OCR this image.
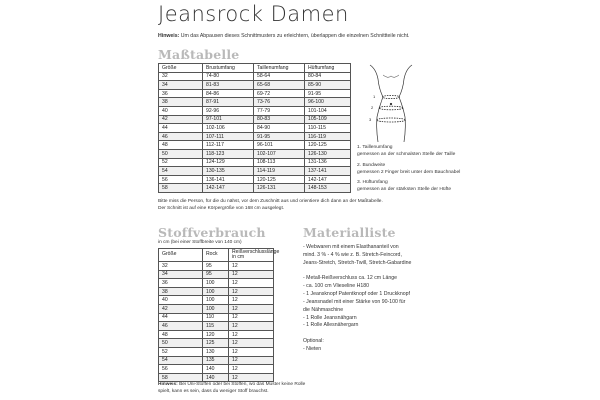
Jeansrock Damen
Hinweis: Um das Abpausen dieses Schnittmusters zu erleichtern, überlappen die einzelnen Schnittteile nicht.
Maßtabelle
Größe	Brustumfang	Taillenumfang	Hüftumfang
32	74-80	58-64	80-84
34	81-83	65-68	85-90
36	84-86	69-72	91-95
38	87-91	73-76	96-100
40	92-96	77-79	101-104
42	97-101	80-83	105-109
44	102-106	84-90	110-115
46	107-111	91-95	116-119
48	112-117	96-101	120-125
50	118-123	102-107	126-130
52	124-129	108-113	131-136
54	130-135	114-119	137-141
56	136-141	120-125	142-147
58	142-147	126-131	148-153
Bitte miss die Person, für die du nähst, vor dem Zuschnitt aus und orientiere dich dann an der Maßtabelle.
Der Schnitt ist auf eine Körpergröße von 168 cm ausgelegt.
1
2
3
1. Taillenumfang
gemessen an der schmalsten Stelle der Taille
2. Bundweite
gemessen 2 Finger breit unter dem Bauchnabel
3. Hüftumfang
gemessen an der stärksten Stelle der Hüfte
Stoffverbrauch
in cm (bei einer Stoffbreite von 140 cm)
Größe	Rock	Reißverschlusslänge in cm
32	95	12
34	95	12
36	100	12
38	100	12
40	100	12
42	100	12
44	110	12
46	115	12
48	120	12
50	125	12
52	130	12
54	135	12
56	140	12
58	140	12
Hinweis: Bei Uni-Stoffen oder bei Stoffen, wo das Muster keine Rolle
spielt, kann es sein, dass du weniger Stoff brauchst.
Materialliste
- Webwaren mit einem Elasthananteil von
mind. 3 % - 4 % wie z. B. Stretch-Feincord,
Jeans-Stretch, Stretch-Twill, Stretch-Gabardine
- Metall-Reißverschluss ca. 12 cm Länge
- ca. 100 cm Vlieseline H180
- 1 Jeansknopf Patentknopf oder 1 Druckknopf
- Jeansnadel mit einer Stärke von 90-100 für
die Nähmaschine
- 1 Rolle Jeansnähgarn
- 1 Rolle Allesnähergarn
Optional:
- Nieten
